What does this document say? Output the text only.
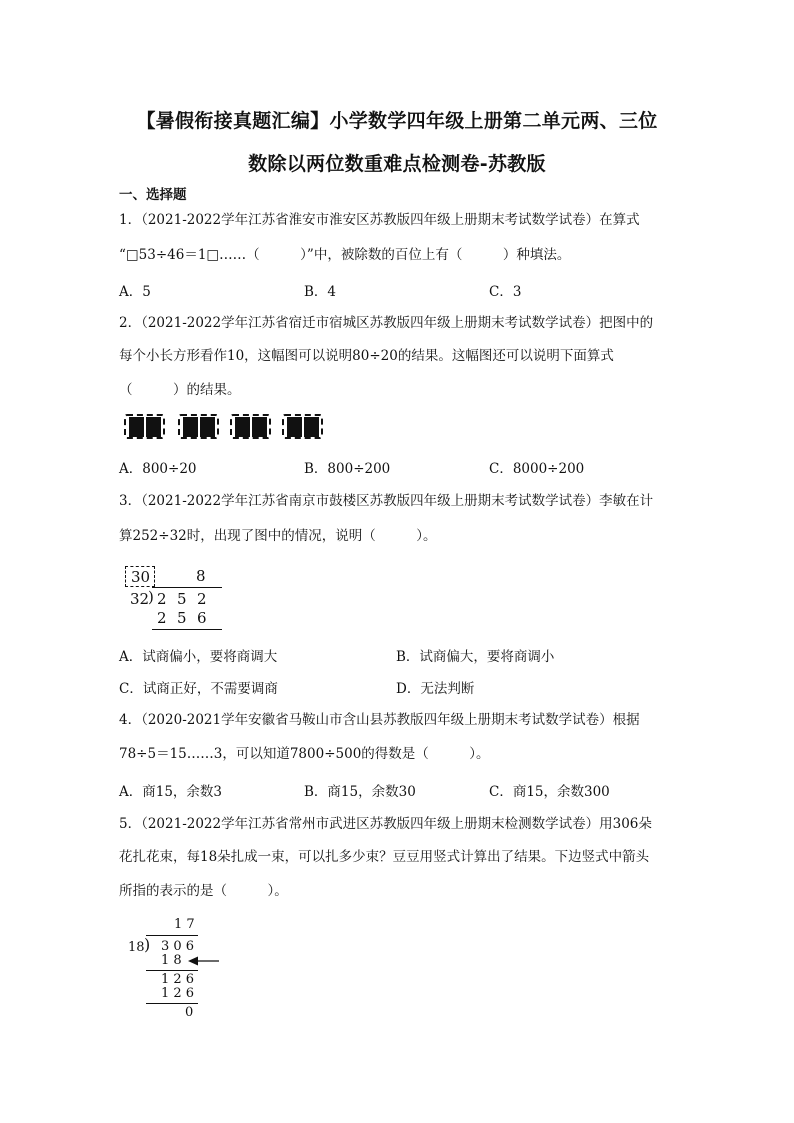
【暑假衔接真题汇编】小学数学四年级上册第二单元两、三位
数除以两位数重难点检测卷-苏教版
一、选择题
1．（2021-2022学年江苏省淮安市淮安区苏教版四年级上册期末考试数学试卷）在算式
“□53÷46＝1□……（　　　）”中，被除数的百位上有（　　　）种填法。
A．5	B．4	C．3
2．（2021-2022学年江苏省宿迁市宿城区苏教版四年级上册期末考试数学试卷）把图中的
每个小长方形看作10，这幅图可以说明80÷20的结果。这幅图还可以说明下面算式
（　　　）的结果。
A．800÷20	B．800÷200	C．8000÷200
3．（2021-2022学年江苏省南京市鼓楼区苏教版四年级上册期末考试数学试卷）李敏在计
算252÷32时，出现了图中的情况，说明（　　　）。
30	8
32
) 2 5 2
2 5 6
A．试商偏小，要将商调大	B．试商偏大，要将商调小
C．试商正好，不需要调商	D．无法判断
4．（2020-2021学年安徽省马鞍山市含山县苏教版四年级上册期末考试数学试卷）根据
78÷5＝15……3，可以知道7800÷500的得数是（　　　）。
A．商15，余数3	B．商15，余数30	C．商15，余数300
5．（2021-2022学年江苏省常州市武进区苏教版四年级上册期末检测数学试卷）用306朵
花扎花束，每18朵扎成一束，可以扎多少束？豆豆用竖式计算出了结果。下边竖式中箭头
所指的表示的是（　　　）。
1 7
18 ) 3 0 6
1 8
1 2 6
1 2 6
0
